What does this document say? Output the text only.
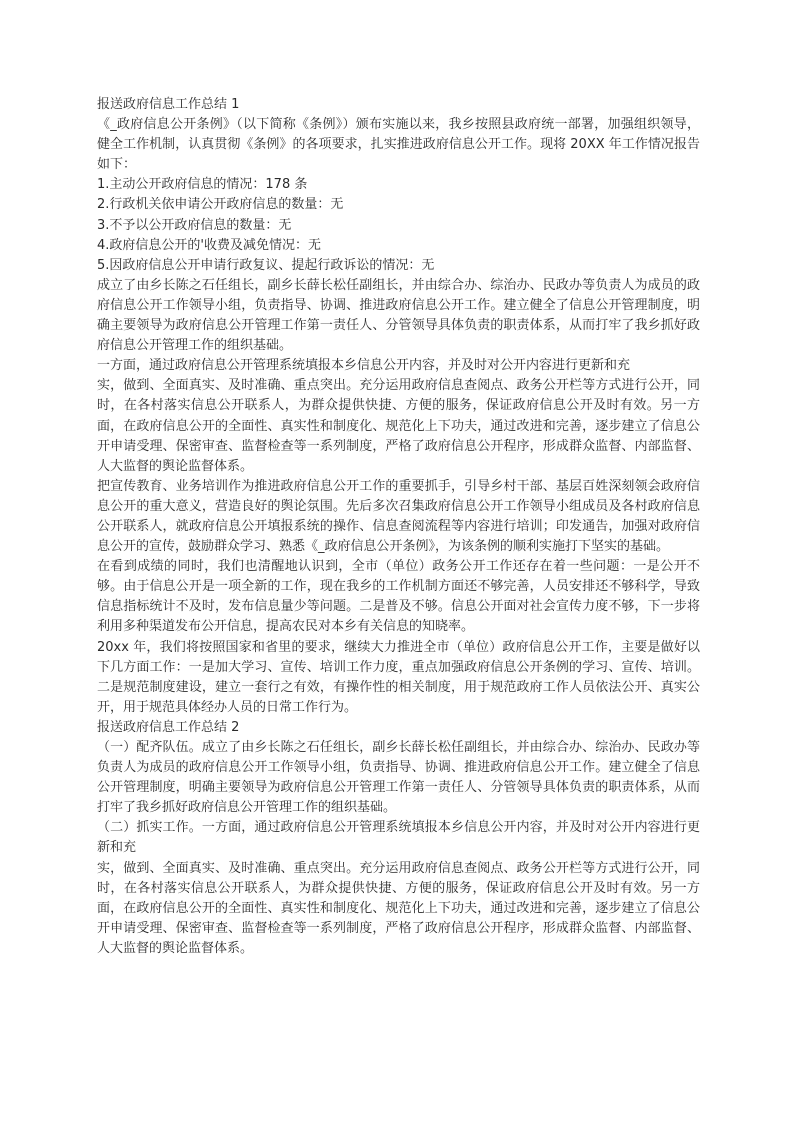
报送政府信息工作总结 1

《_政府信息公开条例》（以下简称《条例》）颁布实施以来，我乡按照县政府统一部署，加强组织领导，健全工作机制，认真贯彻《条例》的各项要求，扎实推进政府信息公开工作。现将 20XX 年工作情况报告如下：

1.主动公开政府信息的情况：178 条

2.行政机关依申请公开政府信息的数量：无

3.不予以公开政府信息的数量：无

4.政府信息公开的'收费及减免情况：无

5.因政府信息公开申请行政复议、提起行政诉讼的情况：无

成立了由乡长陈之石任组长，副乡长薛长松任副组长，并由综合办、综治办、民政办等负责人为成员的政府信息公开工作领导小组，负责指导、协调、推进政府信息公开工作。建立健全了信息公开管理制度，明确主要领导为政府信息公开管理工作第一责任人、分管领导具体负责的职责体系，从而打牢了我乡抓好政府信息公开管理工作的组织基础。

一方面，通过政府信息公开管理系统填报本乡信息公开内容，并及时对公开内容进行更新和充

实，做到、全面真实、及时准确、重点突出。充分运用政府信息查阅点、政务公开栏等方式进行公开，同时，在各村落实信息公开联系人，为群众提供快捷、方便的服务，保证政府信息公开及时有效。另一方面，在政府信息公开的全面性、真实性和制度化、规范化上下功夫，通过改进和完善，逐步建立了信息公开申请受理、保密审查、监督检查等一系列制度，严格了政府信息公开程序，形成群众监督、内部监督、人大监督的舆论监督体系。

把宣传教育、业务培训作为推进政府信息公开工作的重要抓手，引导乡村干部、基层百姓深刻领会政府信息公开的重大意义，营造良好的舆论氛围。先后多次召集政府信息公开工作领导小组成员及各村政府信息公开联系人，就政府信息公开填报系统的操作、信息查阅流程等内容进行培训；印发通告，加强对政府信息公开的宣传，鼓励群众学习、熟悉《_政府信息公开条例》，为该条例的顺利实施打下坚实的基础。

在看到成绩的同时，我们也清醒地认识到，全市（单位）政务公开工作还存在着一些问题：一是公开不够。由于信息公开是一项全新的工作，现在我乡的工作机制方面还不够完善，人员安排还不够科学，导致信息指标统计不及时，发布信息量少等问题。二是普及不够。信息公开面对社会宣传力度不够，下一步将利用多种渠道发布公开信息，提高农民对本乡有关信息的知晓率。

20xx 年，我们将按照国家和省里的要求，继续大力推进全市（单位）政府信息公开工作，主要是做好以下几方面工作：一是加大学习、宣传、培训工作力度，重点加强政府信息公开条例的学习、宣传、培训。二是规范制度建设，建立一套行之有效，有操作性的相关制度，用于规范政府工作人员依法公开、真实公开，用于规范具体经办人员的日常工作行为。

报送政府信息工作总结 2

（一）配齐队伍。成立了由乡长陈之石任组长，副乡长薛长松任副组长，并由综合办、综治办、民政办等负责人为成员的政府信息公开工作领导小组，负责指导、协调、推进政府信息公开工作。建立健全了信息公开管理制度，明确主要领导为政府信息公开管理工作第一责任人、分管领导具体负责的职责体系，从而打牢了我乡抓好政府信息公开管理工作的组织基础。

（二）抓实工作。一方面，通过政府信息公开管理系统填报本乡信息公开内容，并及时对公开内容进行更新和充

实，做到、全面真实、及时准确、重点突出。充分运用政府信息查阅点、政务公开栏等方式进行公开，同时，在各村落实信息公开联系人，为群众提供快捷、方便的服务，保证政府信息公开及时有效。另一方面，在政府信息公开的全面性、真实性和制度化、规范化上下功夫，通过改进和完善，逐步建立了信息公开申请受理、保密审查、监督检查等一系列制度，严格了政府信息公开程序，形成群众监督、内部监督、人大监督的舆论监督体系。
